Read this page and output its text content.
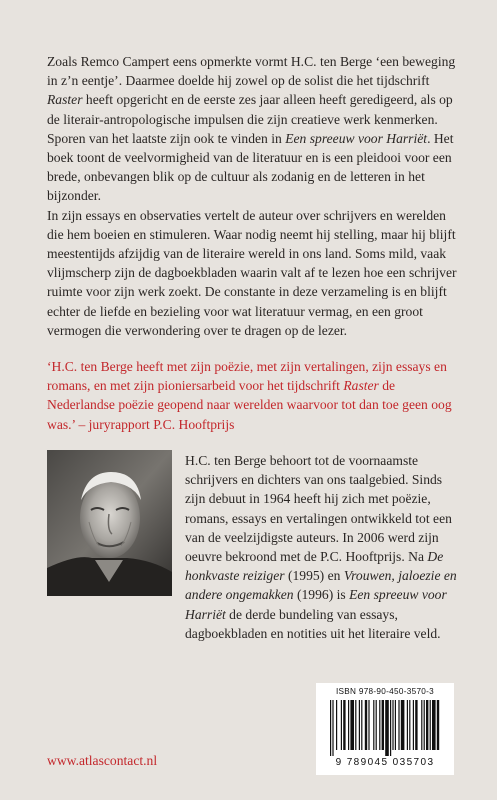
Zoals Remco Campert eens opmerkte vormt H.C. ten Berge ‘een beweging in z’n eentje’. Daarmee doelde hij zowel op de solist die het tijdschrift Raster heeft opgericht en de eerste zes jaar alleen heeft geredigeerd, als op de literair-antropologische impulsen die zijn creatieve werk kenmerken. Sporen van het laatste zijn ook te vinden in Een spreeuw voor Harriët. Het boek toont de veelvormigheid van de literatuur en is een pleidooi voor een brede, onbevangen blik op de cultuur als zodanig en de letteren in het bijzonder.
In zijn essays en observaties vertelt de auteur over schrijvers en werelden die hem boeien en stimuleren. Waar nodig neemt hij stelling, maar hij blijft meestentijds afzijdig van de literaire wereld in ons land. Soms mild, vaak vlijmscherp zijn de dagboekbladen waarin valt af te lezen hoe een schrijver ruimte voor zijn werk zoekt. De constante in deze verzameling is en blijft echter de liefde en bezieling voor wat literatuur vermag, en een groot vermogen die verwondering over te dragen op de lezer.
‘H.C. ten Berge heeft met zijn poëzie, met zijn vertalingen, zijn essays en romans, en met zijn pioniersarbeid voor het tijdschrift Raster de Nederlandse poëzie geopend naar werelden waarvoor tot dan toe geen oog was.’ – juryrapport P.C. Hooftprijs
H.C. ten Berge behoort tot de voornaamste schrijvers en dichters van ons taalgebied. Sinds zijn debuut in 1964 heeft hij zich met poëzie, romans, essays en vertalingen ontwikkeld tot een van de veelzijdigste auteurs. In 2006 werd zijn oeuvre bekroond met de P.C. Hooftprijs. Na De honkvaste reiziger (1995) en Vrouwen, jaloezie en andere ongemakken (1996) is Een spreeuw voor Harriët de derde bundeling van essays, dagboekbladen en notities uit het literaire veld.
ISBN 978-90-450-3570-3
9 789045 035703
www.atlascontact.nl
